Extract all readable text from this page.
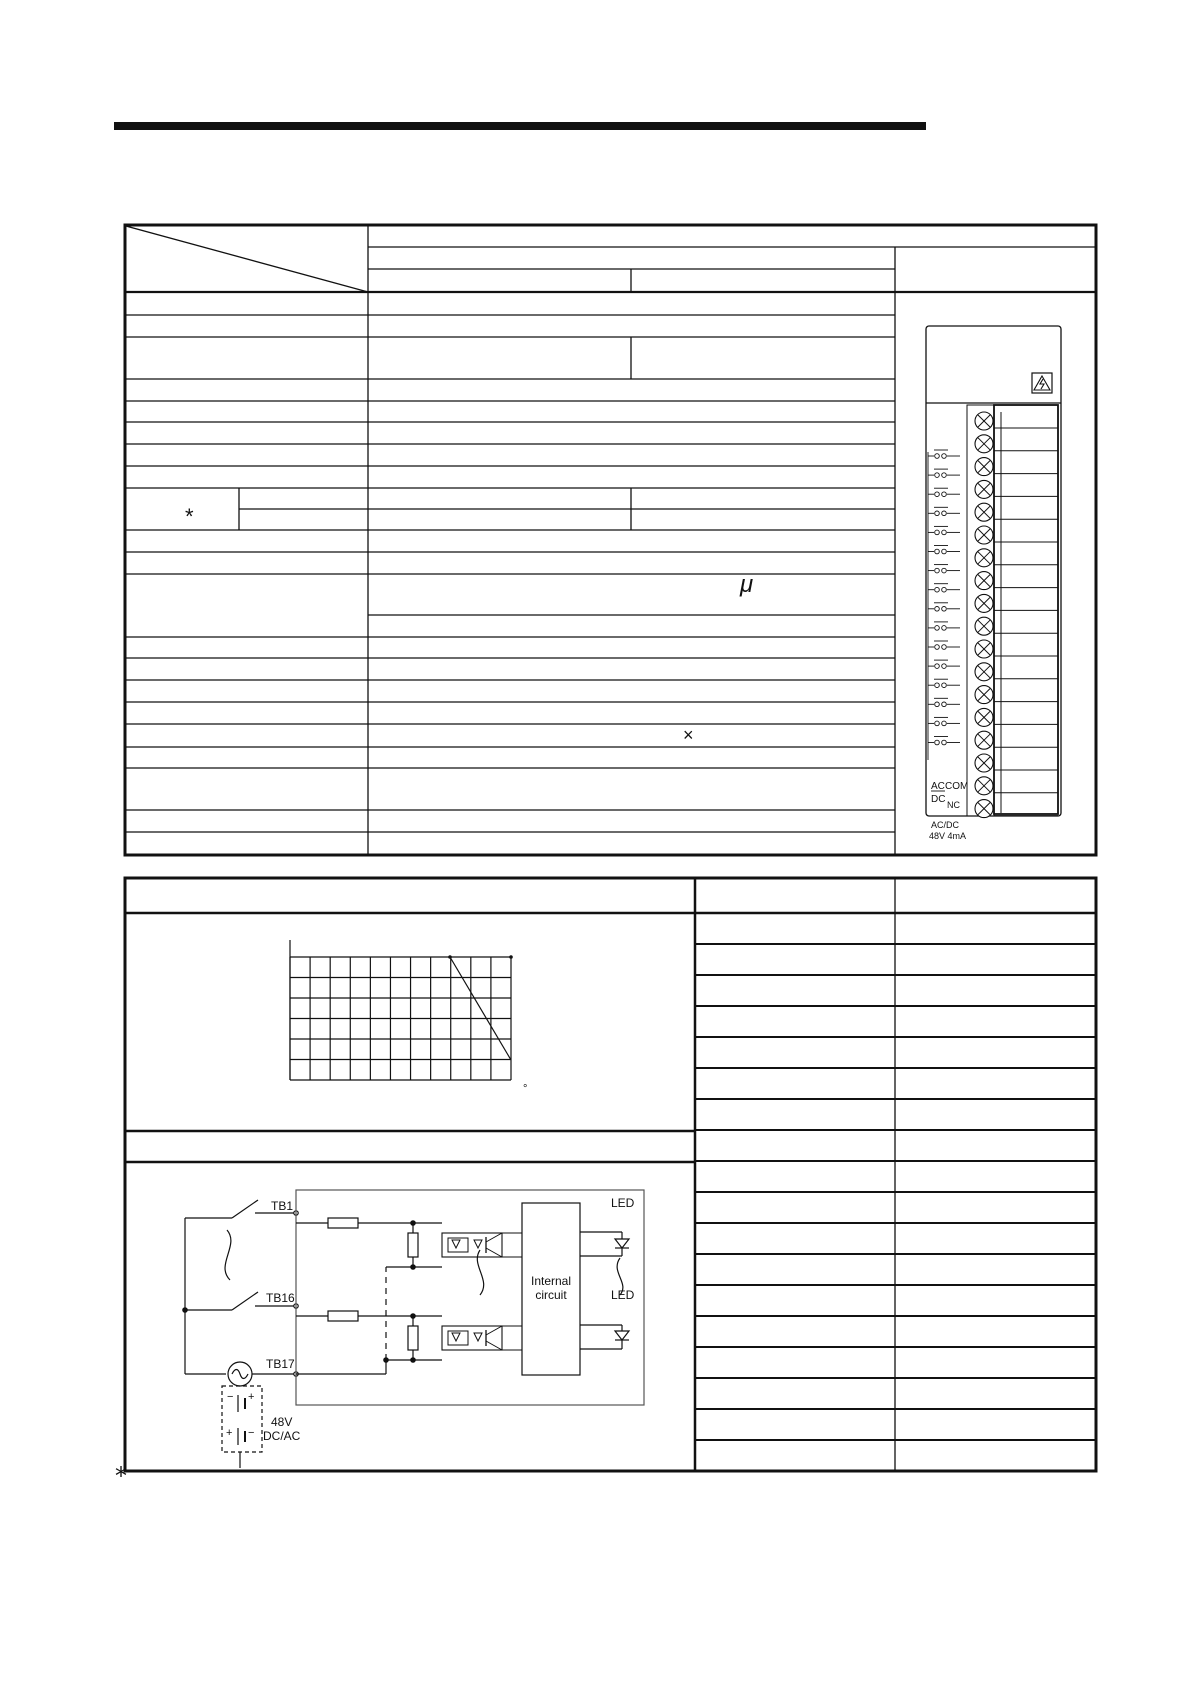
*
μ
×
AC COM
DC NC
AC/DC
48V 4mA
°
TB1
TB16
TB17
LED
LED
Internal
circuit
− +
+ −
48V
DC/AC
*
